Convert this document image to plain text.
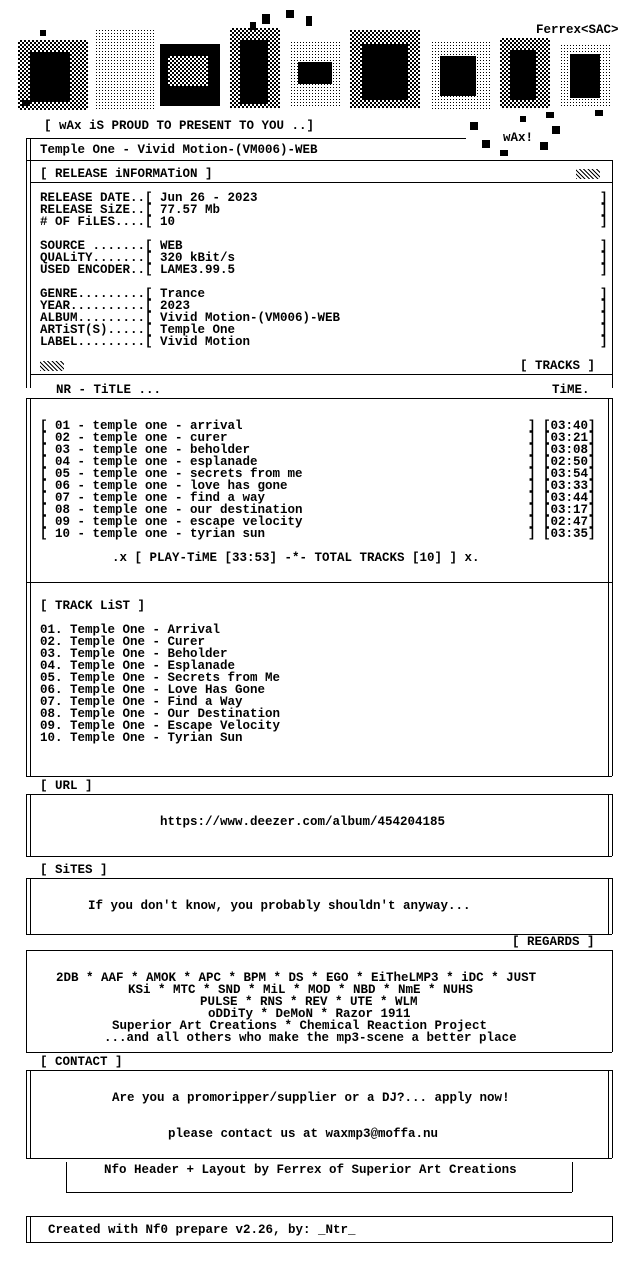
Ferrex<SAC>
[ wAx iS PROUD TO PRESENT TO YOU ..]
wAx!
Temple One - Vivid Motion-(VM006)-WEB
[ RELEASE iNFORMATiON ]
RELEASE DATE..[ Jun 26 - 2023
RELEASE SiZE..[ 77.57 Mb
# OF FiLES....[ 10
SOURCE .......[ WEB
QUALiTY.......[ 320 kBit/s
USED ENCODER..[ LAME3.99.5
GENRE.........[ Trance
YEAR..........[ 2023
ALBUM.........[ Vivid Motion-(VM006)-WEB
ARTiST(S).....[ Temple One
LABEL.........[ Vivid Motion
]
]
]

]
]
]

]
]
]
]
]
[ TRACKS ]
NR - TiTLE ...	TiME.
[ 01 - temple one - arrival	] [03:40]
[ 02 - temple one - curer	] [03:21]
[ 03 - temple one - beholder	] [03:08]
[ 04 - temple one - esplanade	] [02:50]
[ 05 - temple one - secrets from me	] [03:54]
[ 06 - temple one - love has gone	] [03:33]
[ 07 - temple one - find a way	] [03:44]
[ 08 - temple one - our destination	] [03:17]
[ 09 - temple one - escape velocity	] [02:47]
[ 10 - temple one - tyrian sun	] [03:35]
.x [ PLAY-TiME [33:53] -*- TOTAL TRACKS [10] ] x.
[ TRACK LiST ]
01. Temple One - Arrival
02. Temple One - Curer
03. Temple One - Beholder
04. Temple One - Esplanade
05. Temple One - Secrets from Me
06. Temple One - Love Has Gone
07. Temple One - Find a Way
08. Temple One - Our Destination
09. Temple One - Escape Velocity
10. Temple One - Tyrian Sun
[ URL ]
https://www.deezer.com/album/454204185
[ SiTES ]
If you don't know, you probably shouldn't anyway...
[ REGARDS ]
2DB * AAF * AMOK * APC * BPM * DS * EGO * EiTheLMP3 * iDC * JUST
KSi * MTC * SND * MiL * MOD * NBD * NmE * NUHS
PULSE * RNS * REV * UTE * WLM
oDDiTy * DeMoN * Razor 1911
Superior Art Creations * Chemical Reaction Project
...and all others who make the mp3-scene a better place
[ CONTACT ]
Are you a promoripper/supplier or a DJ?... apply now!
please contact us at waxmp3@moffa.nu
Nfo Header + Layout by Ferrex of Superior Art Creations
Created with Nf0 prepare v2.26, by: _Ntr_
